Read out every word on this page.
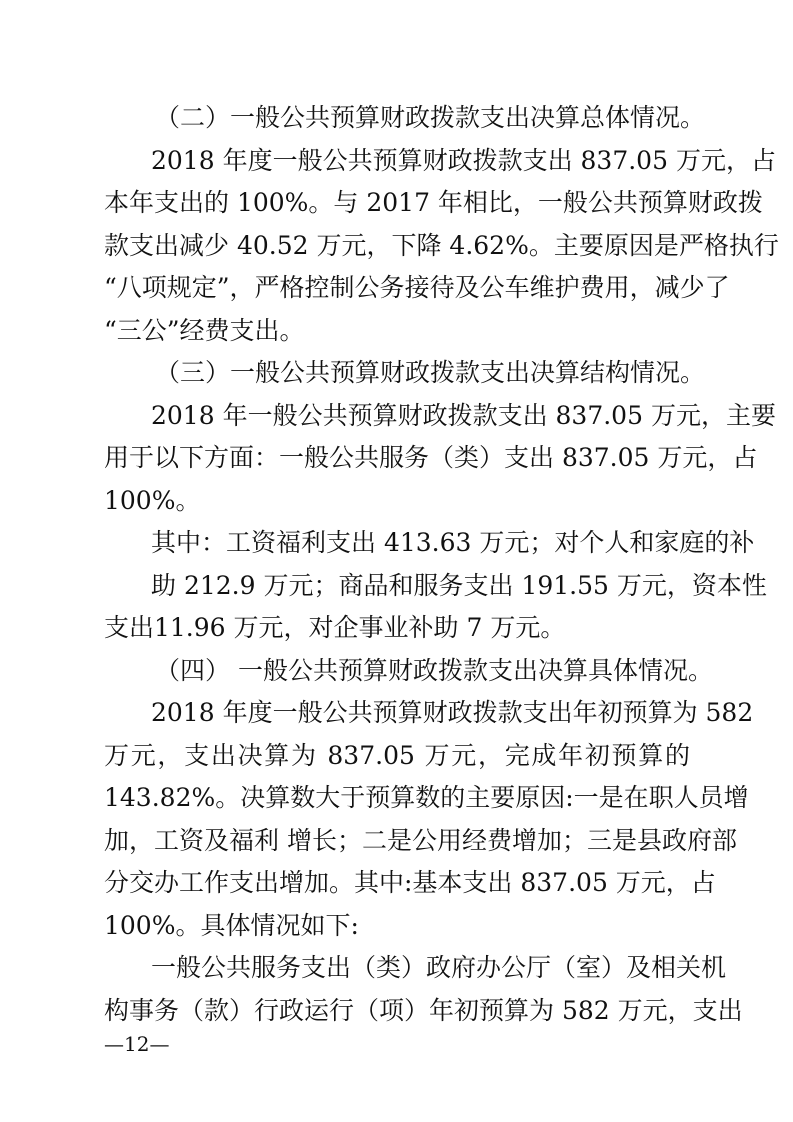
（二）一般公共预算财政拨款支出决算总体情况。
2018 年度一般公共预算财政拨款支出 837.05 万元，占
本年支出的 100%。与 2017 年相比，一般公共预算财政拨
款支出减少 40.52 万元，下降 4.62%。主要原因是严格执行
“八项规定”，严格控制公务接待及公车维护费用，减少了
“三公”经费支出。
（三）一般公共预算财政拨款支出决算结构情况。
2018 年一般公共预算财政拨款支出 837.05 万元，主要
用于以下方面：一般公共服务（类）支出 837.05 万元，占
100%。
其中：工资福利支出 413.63 万元；对个人和家庭的补
助 212.9 万元；商品和服务支出 191.55 万元，资本性
支出11.96 万元，对企事业补助 7 万元。
（四） 一般公共预算财政拨款支出决算具体情况。
2018 年度一般公共预算财政拨款支出年初预算为 582
万元，支出决算为 837.05 万元，完成年初预算的
143.82%。决算数大于预算数的主要原因:一是在职人员增
加，工资及福利 增长；二是公用经费增加；三是县政府部
分交办工作支出增加。其中:基本支出 837.05 万元，占
100%。具体情况如下:
一般公共服务支出（类）政府办公厅（室）及相关机
构事务（款）行政运行（项）年初预算为 582 万元，支出
—12—
